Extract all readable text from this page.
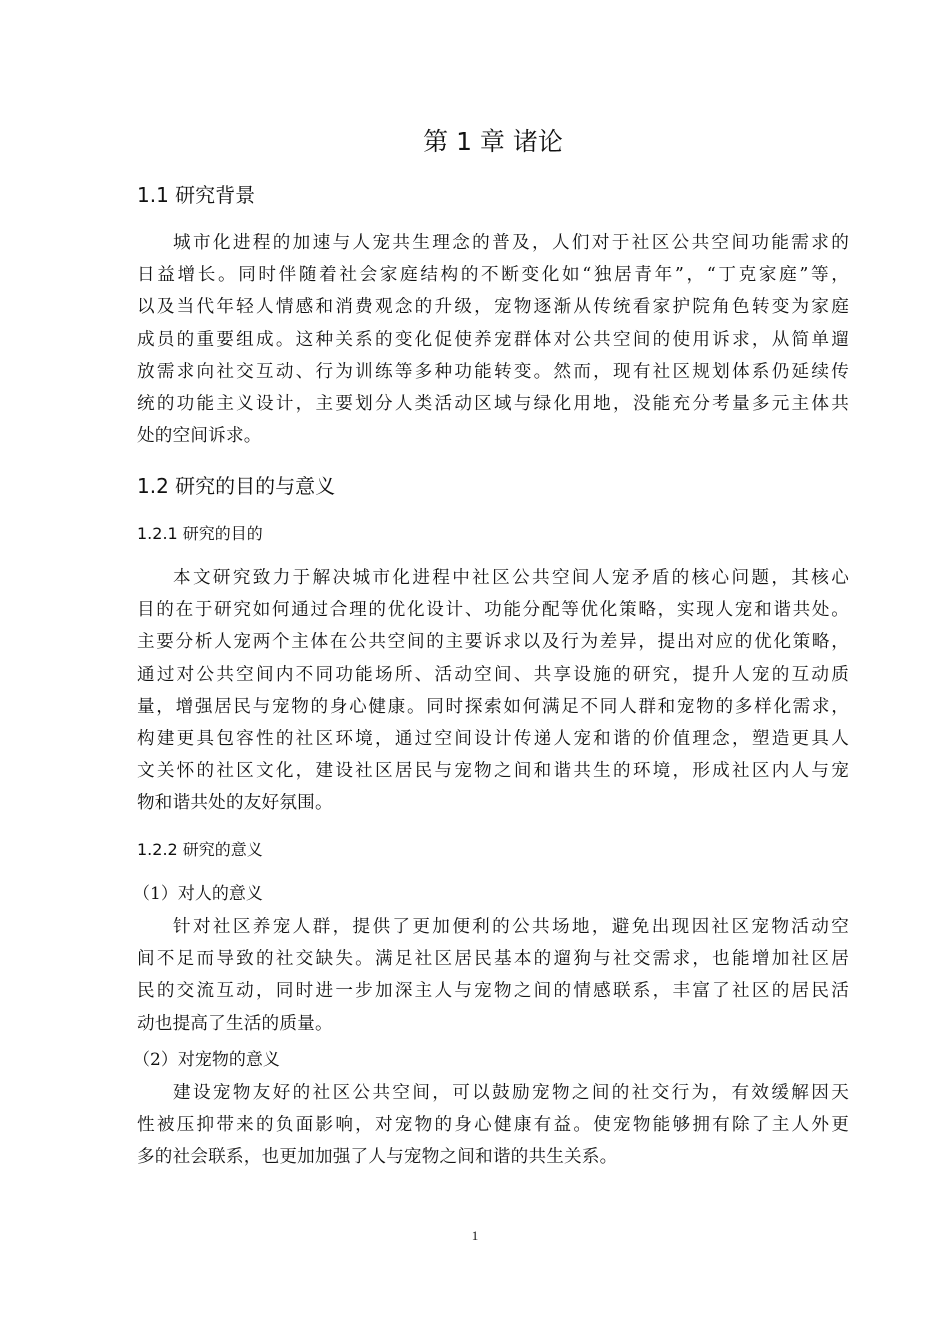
第 1 章 诸论
1.1 研究背景
城市化进程的加速与人宠共生理念的普及，人们对于社区公共空间功能需求的
日益增长。同时伴随着社会家庭结构的不断变化如“独居青年”，“丁克家庭”等，
以及当代年轻人情感和消费观念的升级，宠物逐渐从传统看家护院角色转变为家庭
成员的重要组成。这种关系的变化促使养宠群体对公共空间的使用诉求，从简单遛
放需求向社交互动、行为训练等多种功能转变。然而，现有社区规划体系仍延续传
统的功能主义设计，主要划分人类活动区域与绿化用地，没能充分考量多元主体共
处的空间诉求。
1.2 研究的目的与意义
1.2.1 研究的目的
本文研究致力于解决城市化进程中社区公共空间人宠矛盾的核心问题，其核心
目的在于研究如何通过合理的优化设计、功能分配等优化策略，实现人宠和谐共处。
主要分析人宠两个主体在公共空间的主要诉求以及行为差异，提出对应的优化策略，
通过对公共空间内不同功能场所、活动空间、共享设施的研究，提升人宠的互动质
量，增强居民与宠物的身心健康。同时探索如何满足不同人群和宠物的多样化需求，
构建更具包容性的社区环境，通过空间设计传递人宠和谐的价值理念，塑造更具人
文关怀的社区文化，建设社区居民与宠物之间和谐共生的环境，形成社区内人与宠
物和谐共处的友好氛围。
1.2.2 研究的意义
（1）对人的意义
针对社区养宠人群，提供了更加便利的公共场地，避免出现因社区宠物活动空
间不足而导致的社交缺失。满足社区居民基本的遛狗与社交需求，也能增加社区居
民的交流互动，同时进一步加深主人与宠物之间的情感联系，丰富了社区的居民活
动也提高了生活的质量。
（2）对宠物的意义
建设宠物友好的社区公共空间，可以鼓励宠物之间的社交行为，有效缓解因天
性被压抑带来的负面影响，对宠物的身心健康有益。使宠物能够拥有除了主人外更
多的社会联系，也更加加强了人与宠物之间和谐的共生关系。
1
